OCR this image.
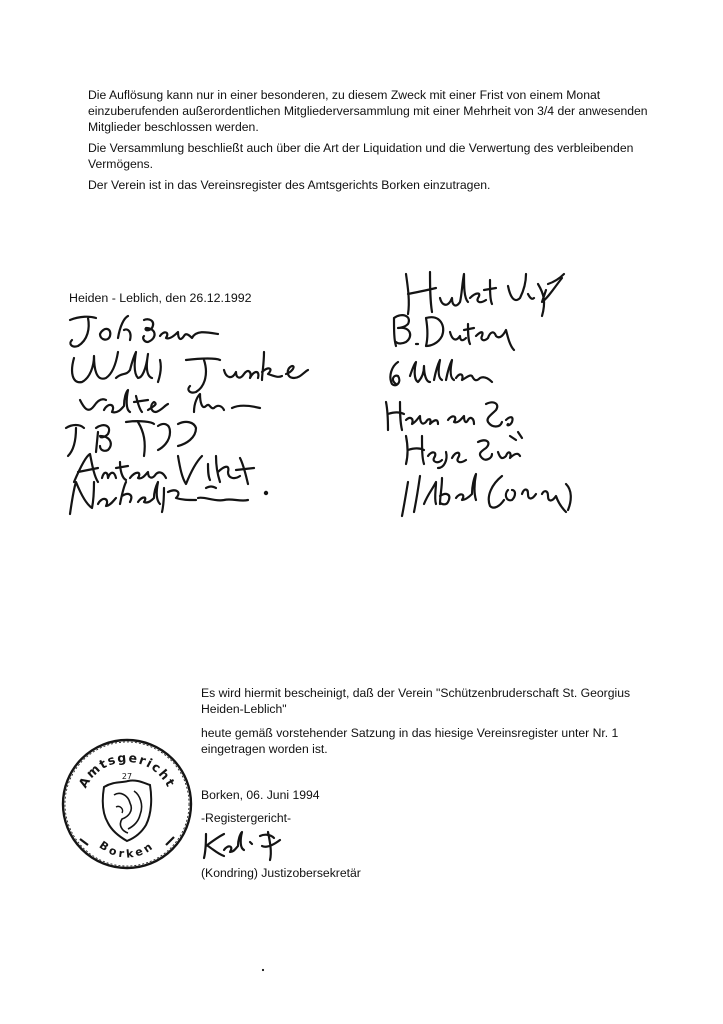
Die Auflösung kann nur in einer besonderen, zu diesem Zweck mit einer Frist von einem Monat einzuberufenden außerordentlichen Mitgliederversammlung mit einer Mehrheit von 3/4 der anwesenden Mitglieder beschlossen werden.

Die Versammlung beschließt auch über die Art der Liquidation und die Verwertung des verbleibenden Vermögens.

Der Verein ist in das Vereinsregister des Amtsgerichts Borken einzutragen.

Heiden - Leblich, den 26.12.1992
Amtsgericht
Borken
27

Es wird hiermit bescheinigt, daß der Verein "Schützenbruderschaft St. Georgius Heiden-Leblich"

heute gemäß vorstehender Satzung in das hiesige Vereinsregister unter Nr. 1 eingetragen worden ist.

Borken, 06. Juni 1994
-Registergericht-
(Kondring) Justizobersekretär
